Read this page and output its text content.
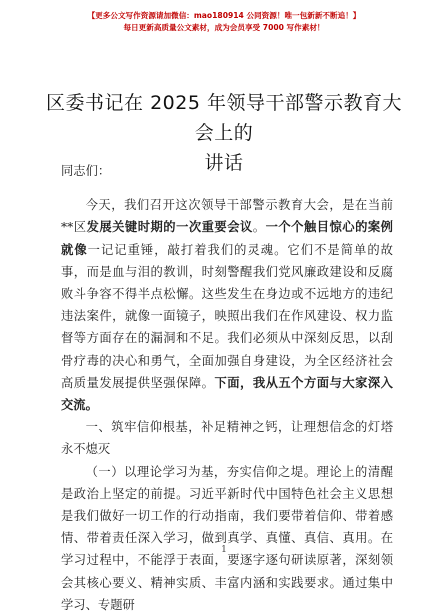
【更多公文写作资源请加微信：mao180914 公同资源！唯一包新新不断追！】
每日更新高质量公文素材，成为会员享受 7000 写作素材！
区委书记在 2025 年领导干部警示教育大会上的
讲话

同志们：

今天，我们召开这次领导干部警示教育大会，是在当前**区发展关键时期的一次重要会议。一个个触目惊心的案例就像一记记重锤，敲打着我们的灵魂。它们不是简单的故事，而是血与泪的教训，时刻警醒我们党风廉政建设和反腐败斗争容不得半点松懈。这些发生在身边或不远地方的违纪违法案件，就像一面镜子，映照出我们在作风建设、权力监督等方面存在的漏洞和不足。我们必须从中深刻反思，以刮骨疗毒的决心和勇气，全面加强自身建设，为全区经济社会高质量发展提供坚强保障。下面，我从五个方面与大家深入交流。

一、筑牢信仰根基，补足精神之钙，让理想信念的灯塔永不熄灭

（一）以理论学习为基，夯实信仰之堤。理论上的清醒是政治上坚定的前提。习近平新时代中国特色社会主义思想是我们做好一切工作的行动指南，我们要带着信仰、带着感情、带着责任深入学习，做到真学、真懂、真信、真用。在学习过程中，不能浮于表面，要逐字逐句研读原著，深刻领会其核心要义、精神实质、丰富内涵和实践要求。通过集中学习、专题研

1
